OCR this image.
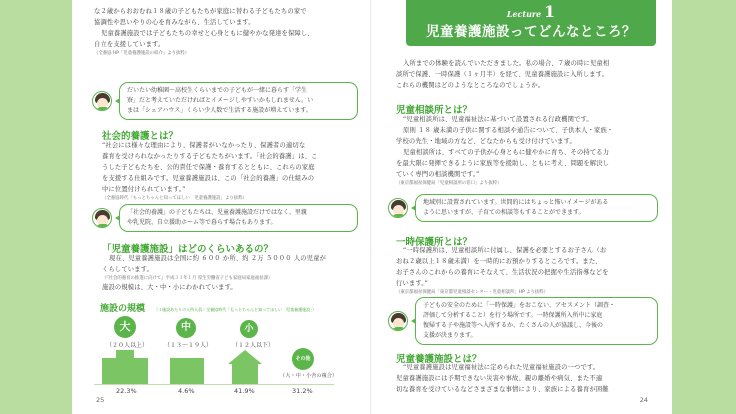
な２歳からおおむね１８歳の子どもたちが家庭に替わる子どもたちの家で

協調性や思いやりの心を育みながら、生活しています。

児童養護施設では子どもたちの幸せと心身ともに健やかな発達を保障し、

自立を支援しています。

（全養協 HP「児童養護施設の紹介」より抜粋）

だいたい幼稚園〜高校生くらいまでの子どもが一緒に暮らす「学生
寮」だと考えていただければとイメージしやすいかもしれません。い
まは「シェアハウス」くらい少人数で生活する施設が増えています。
社会的養護とは？

“社会には様々な理由により、保護者がいなかったり、保護者の適切な

養育を受けられなかったりする子どもたちがいます。「社会的養護」は、こ

うした子どもたちを、公的責任で保護・養育するとともに、これらの家庭

を支援する仕組みです。児童養護施設は、この「社会的養護」の仕組みの

中に位置付けられています。”

（全養協時代「もっとちゃんと知ってほしい　児童養護施設」より抜粋）

「社会的養護」の子どもたちは、児童養護施設だけではなく、里親
や乳児院、自立援助ホーム等で暮らす場合もあります。
「児童養護施設」はどのくらいあるの？

現在、児童養護施設は全国に約 ６００ か所、約 ２万 ５０００ 人の児童が

くらしています。

（『社会的養育の推進に向けて』平成３１年１月 厚生労働省子ども家庭局家庭福祉課）

施設の規模は、大・中・小にわかれています。

施設の規模 （１施設あたりの入所人員／全養協時代「もっとちゃんと知ってほしい　児童養護施設」）
大
（２０人以上）
中
（１３〜１９人）
小
（１２人以下）
その他
（大・中・小舎の複合）
22.3%	4.6%	41.9%	31.2%
25
Lecture 1
児童養護施設ってどんなところ？

入所までの体験を読んでいただきました。私の場合、７歳の時に児童相

談所で保護、一時保護（１ヶ月半）を経て、児童養護施設に入所します。

これらの機関はどのようなところなのでしょうか。

児童相談所とは？

“児童相談所は、児童福祉法に基づいて設置される行政機関です。

原則 １８ 歳未満の子供に関する相談や通告について、子供本人・家族・

学校の先生・地域の方など、どなたからも受け付けています。

児童相談所は、すべての子供が心身ともに健やかに育ち、その持てる力

を最大限に発揮できるように家族等を援助し、ともに考え、問題を解決し

ていく専門の相談機関です。”

（東京都福祉保健局「児童相談所の窓口」より抜粋）

地域別に設置されています。世間的にはちょっと怖いイメージがある
ように思いますが、子育ての相談等もすることができます。
一時保護所とは？

“一時保護所は、児童相談所に付属し、保護を必要とするお子さん（お

おね２歳以上１８歳未満）を一時的にお預かりするところです。また、

お子さんのこれからの養育にそなえて、生活状況の把握や生活指導などを

行います。”

（東京都福祉保健局「東京都児童相談センター・児童相談所」HP より抜粋）

子どもの安全のために「一時保護」をおこない、アセスメント（調査・
評価して分析すること）を行う場所です。一時保護所入所中に家庭
復帰する子や施設等へ入所するか、たくさんの人が協議し、今後の
支援が決まります。
児童養護施設とは？

“児童養護施設は児童福祉法に定められた児童福祉施設の一つです。

児童養護施設には予期できない災害や事故、親の離婚や病気、また不適

切な養育を受けているなどさまざまな事情により、家族による養育が困難

24
